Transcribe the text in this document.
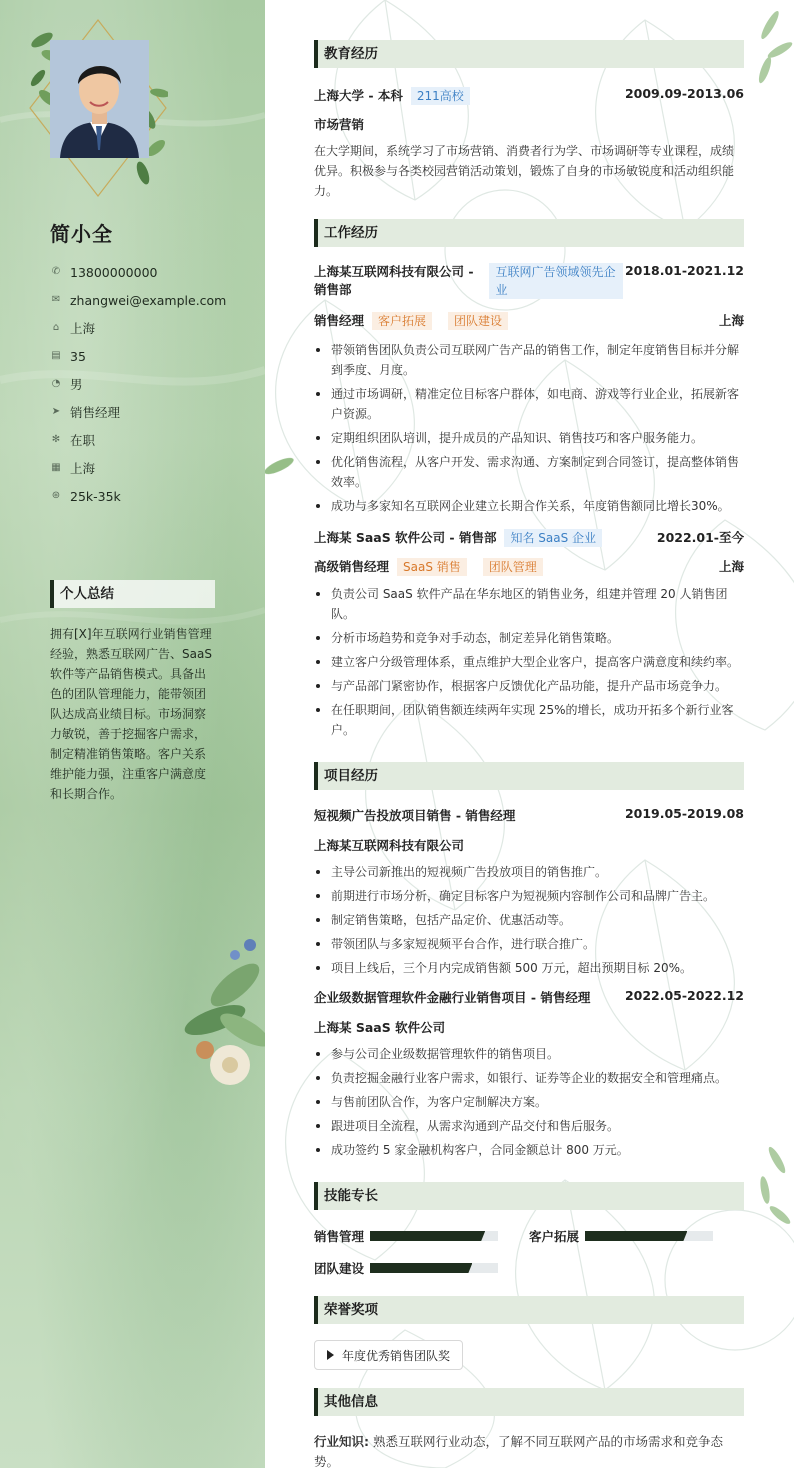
简小全
✆ 13800000000
✉ zhangwei@example.com
⌂ 上海
▤ 35
◔ 男
➤ 销售经理
✻ 在职
▦ 上海
⊛ 25k-35k
个人总结
拥有[X]年互联网行业销售管理经验，熟悉互联网广告、SaaS 软件等产品销售模式。具备出色的团队管理能力，能带领团队达成高业绩目标。市场洞察力敏锐，善于挖掘客户需求，制定精准销售策略。客户关系维护能力强，注重客户满意度和长期合作。
教育经历
上海大学 - 本科 211高校	2009.09-2013.06
市场营销
在大学期间，系统学习了市场营销、消费者行为学、市场调研等专业课程，成绩优异。积极参与各类校园营销活动策划，锻炼了自身的市场敏锐度和活动组织能力。
工作经历
上海某互联网科技有限公司 - 销售部
互联网广告领域领先企业
2018.01-2021.12
销售经理 客户拓展 团队建设	上海
带领销售团队负责公司互联网广告产品的销售工作，制定年度销售目标并分解到季度、月度。
通过市场调研，精准定位目标客户群体，如电商、游戏等行业企业，拓展新客户资源。
定期组织团队培训，提升成员的产品知识、销售技巧和客户服务能力。
优化销售流程，从客户开发、需求沟通、方案制定到合同签订，提高整体销售效率。
成功与多家知名互联网企业建立长期合作关系，年度销售额同比增长30%。
上海某 SaaS 软件公司 - 销售部 知名 SaaS 企业	2022.01-至今
高级销售经理 SaaS 销售 团队管理	上海
负责公司 SaaS 软件产品在华东地区的销售业务，组建并管理 20 人销售团队。
分析市场趋势和竞争对手动态，制定差异化销售策略。
建立客户分级管理体系，重点维护大型企业客户，提高客户满意度和续约率。
与产品部门紧密协作，根据客户反馈优化产品功能，提升产品市场竞争力。
在任职期间，团队销售额连续两年实现 25%的增长，成功开拓多个新行业客户。
项目经历
短视频广告投放项目销售 - 销售经理	2019.05-2019.08
上海某互联网科技有限公司
主导公司新推出的短视频广告投放项目的销售推广。
前期进行市场分析，确定目标客户为短视频内容制作公司和品牌广告主。
制定销售策略，包括产品定价、优惠活动等。
带领团队与多家短视频平台合作，进行联合推广。
项目上线后，三个月内完成销售额 500 万元，超出预期目标 20%。
企业级数据管理软件金融行业销售项目 - 销售经理	2022.05-2022.12
上海某 SaaS 软件公司
参与公司企业级数据管理软件的销售项目。
负责挖掘金融行业客户需求，如银行、证券等企业的数据安全和管理痛点。
与售前团队合作，为客户定制解决方案。
跟进项目全流程，从需求沟通到产品交付和售后服务。
成功签约 5 家金融机构客户，合同金额总计 800 万元。
技能专长
销售管理	客户拓展
团队建设
荣誉奖项
年度优秀销售团队奖
其他信息
行业知识: 熟悉互联网行业动态，了解不同互联网产品的市场需求和竞争态势。
